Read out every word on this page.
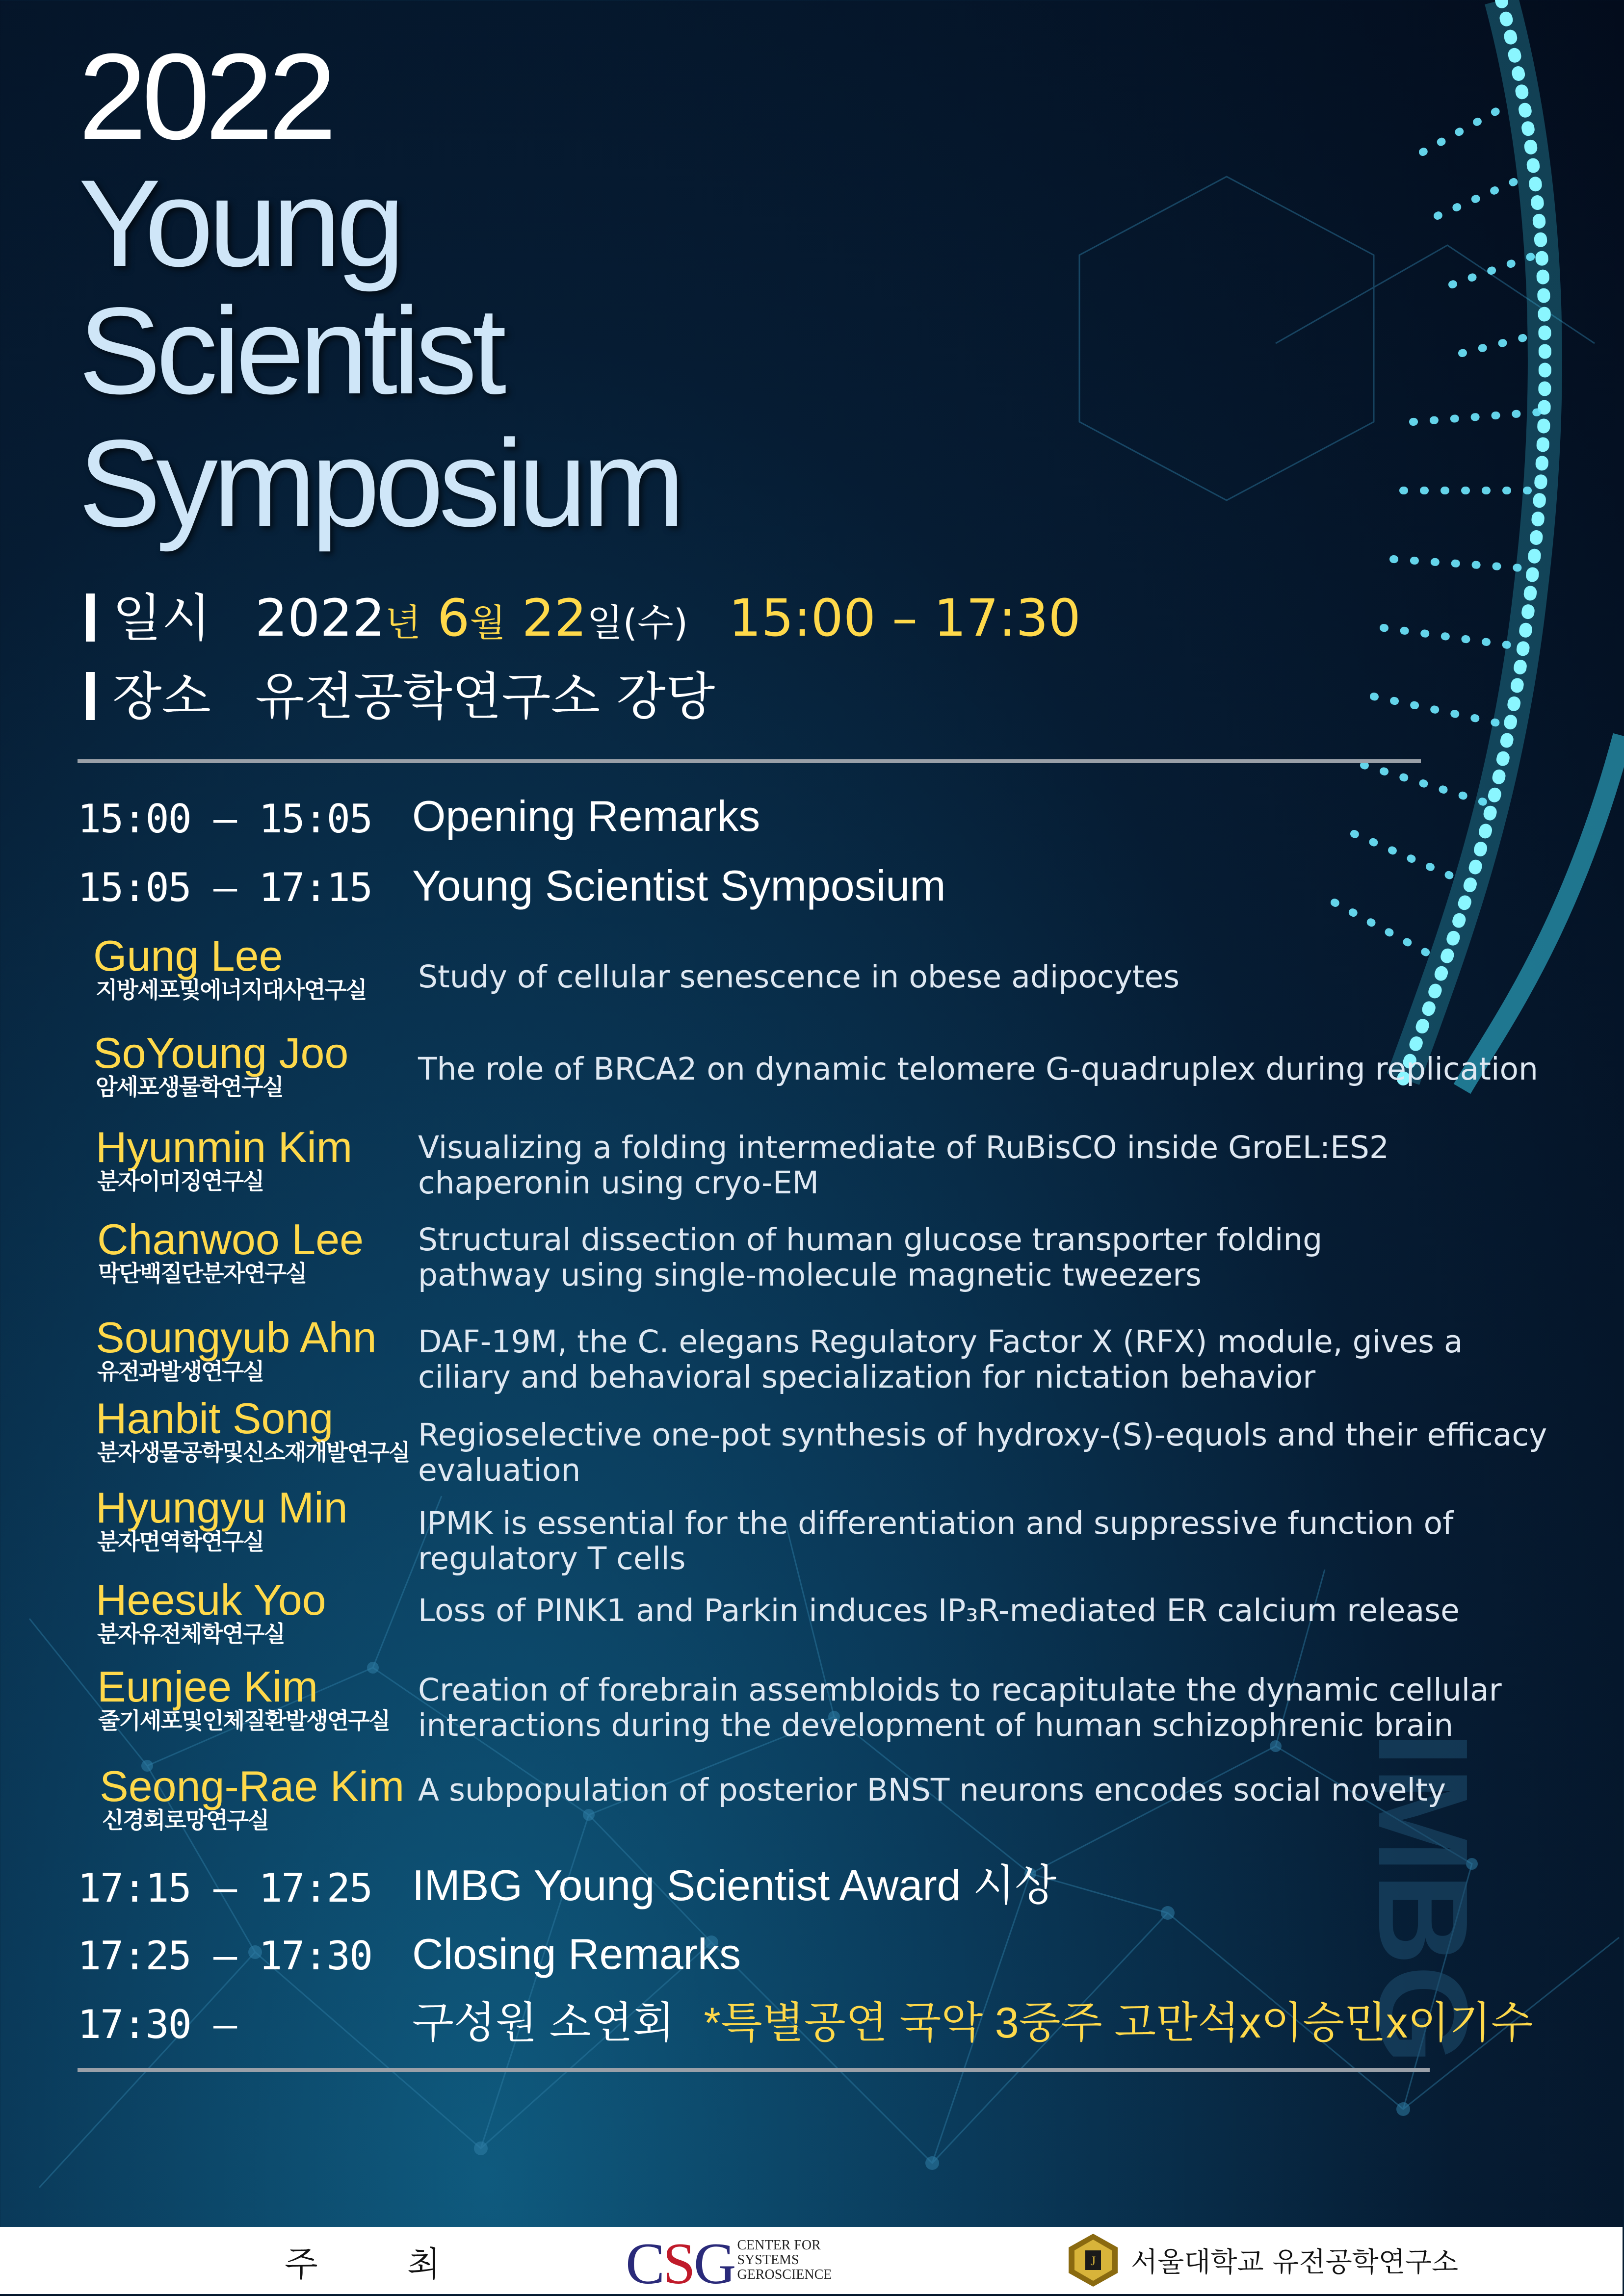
IMBG
2022
Young
Scientist
Symposium
일시 2022년 6월 22일(수) 15:00 – 17:30
장소 유전공학연구소 강당
15:00 – 15:05 Opening Remarks
15:05 – 17:15 Young Scientist Symposium
Gung Lee
지방세포및에너지대사연구실 Study of cellular senescence in obese adipocytes
SoYoung Joo
암세포생물학연구실	The role of BRCA2 on dynamic telomere G-quadruplex during replication
Hyunmin Kim
분자이미징연구실
Visualizing a folding intermediate of RuBisCO inside GroEL:ES2 chaperonin using cryo-EM
Chanwoo Lee
막단백질단분자연구실
Structural dissection of human glucose transporter folding pathway using single-molecule magnetic tweezers
Soungyub Ahn
유전과발생연구실
DAF-19M, the C. elegans Regulatory Factor X (RFX) module, gives a ciliary and behavioral specialization for nictation behavior
Hanbit Song
분자생물공학및신소재개발연구실 Regioselective one-pot synthesis of hydroxy-(S)-equols and their efficacy evaluation
Hyungyu Min
분자면역학연구실
IPMK is essential for the differentiation and suppressive function of regulatory T cells
Heesuk Yoo
분자유전체학연구실
Loss of PINK1 and Parkin induces IP₃R-mediated ER calcium release
Eunjee Kim
줄기세포및인체질환발생연구실
Creation of forebrain assembloids to recapitulate the dynamic cellular interactions during the development of human schizophrenic brain
Seong-Rae Kim
신경회로망연구실
A subpopulation of posterior BNST neurons encodes social novelty
17:15 – 17:25 IMBG Young Scientist Award 시상
17:25 – 17:30 Closing Remarks
17:30 –	구성원 소연회 *특별공연 국악 3중주 고만석x이승민x이기수
주 최 CSG CENTER FOR
SYSTEMS
GEROSCIENCE
J 서울대학교 유전공학연구소
